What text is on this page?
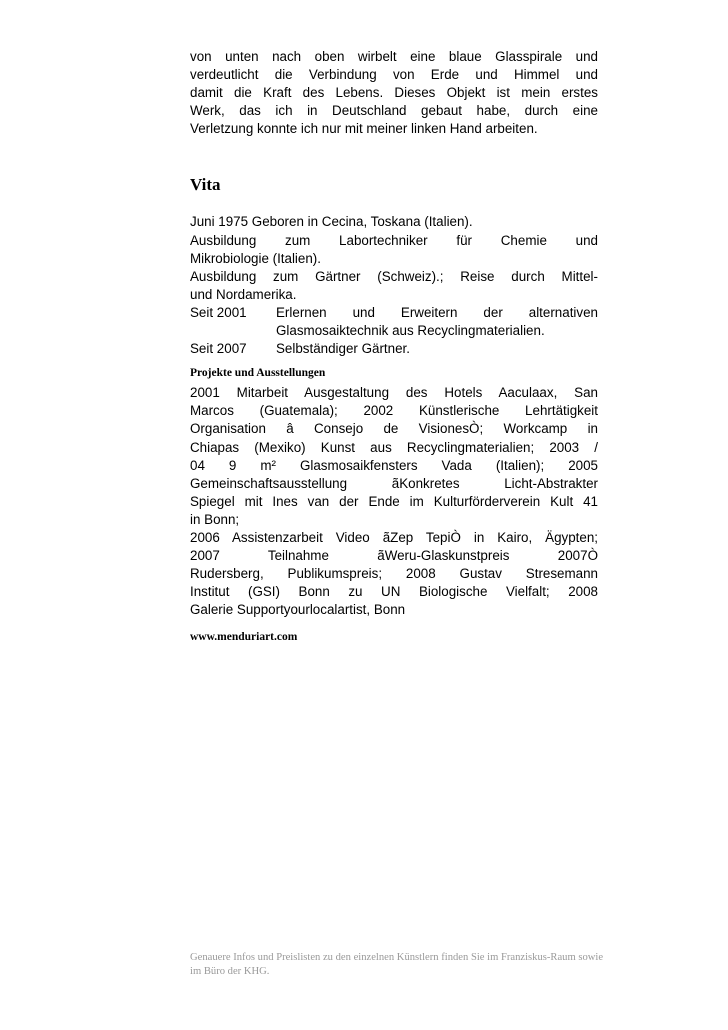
von unten nach oben wirbelt eine blaue Glasspirale und
verdeutlicht die Verbindung von Erde und Himmel und
damit die Kraft des Lebens. Dieses Objekt ist mein erstes
Werk, das ich in Deutschland gebaut habe, durch eine
Verletzung konnte ich nur mit meiner linken Hand arbeiten.
Vita
Juni 1975 Geboren in Cecina, Toskana (Italien).
Ausbildung zum Labortechniker für Chemie und
Mikrobiologie (Italien).
Ausbildung zum Gärtner (Schweiz).; Reise durch Mittel-
und Nordamerika.
Seit 2001	Erlernen und Erweitern der alternativen
Glasmosaiktechnik aus Recyclingmaterialien.
Seit 2007	Selbständiger Gärtner.
Projekte und Ausstellungen
2001 Mitarbeit Ausgestaltung des Hotels Aaculaax, San
Marcos (Guatemala); 2002 Künstlerische Lehrtätigkeit
Organisation â Consejo de VisionesÒ; Workcamp in
Chiapas (Mexiko) Kunst aus Recyclingmaterialien; 2003 /
04 9 m² Glasmosaikfensters Vada (Italien); 2005
Gemeinschaftsausstellung ãKonkretes Licht-Abstrakter
Spiegel mit Ines van der Ende im Kulturförderverein Kult 41
in Bonn;
2006 Assistenzarbeit Video ãZep TepiÒ in Kairo, Ägypten;
2007 Teilnahme ãWeru-Glaskunstpreis 2007Ò
Rudersberg, Publikumspreis; 2008 Gustav Stresemann
Institut (GSI) Bonn zu UN Biologische Vielfalt; 2008
Galerie Supportyourlocalartist, Bonn
www.menduriart.com
Genauere Infos und Preislisten zu den einzelnen Künstlern finden Sie im Franziskus-Raum sowie
im Büro der KHG.
